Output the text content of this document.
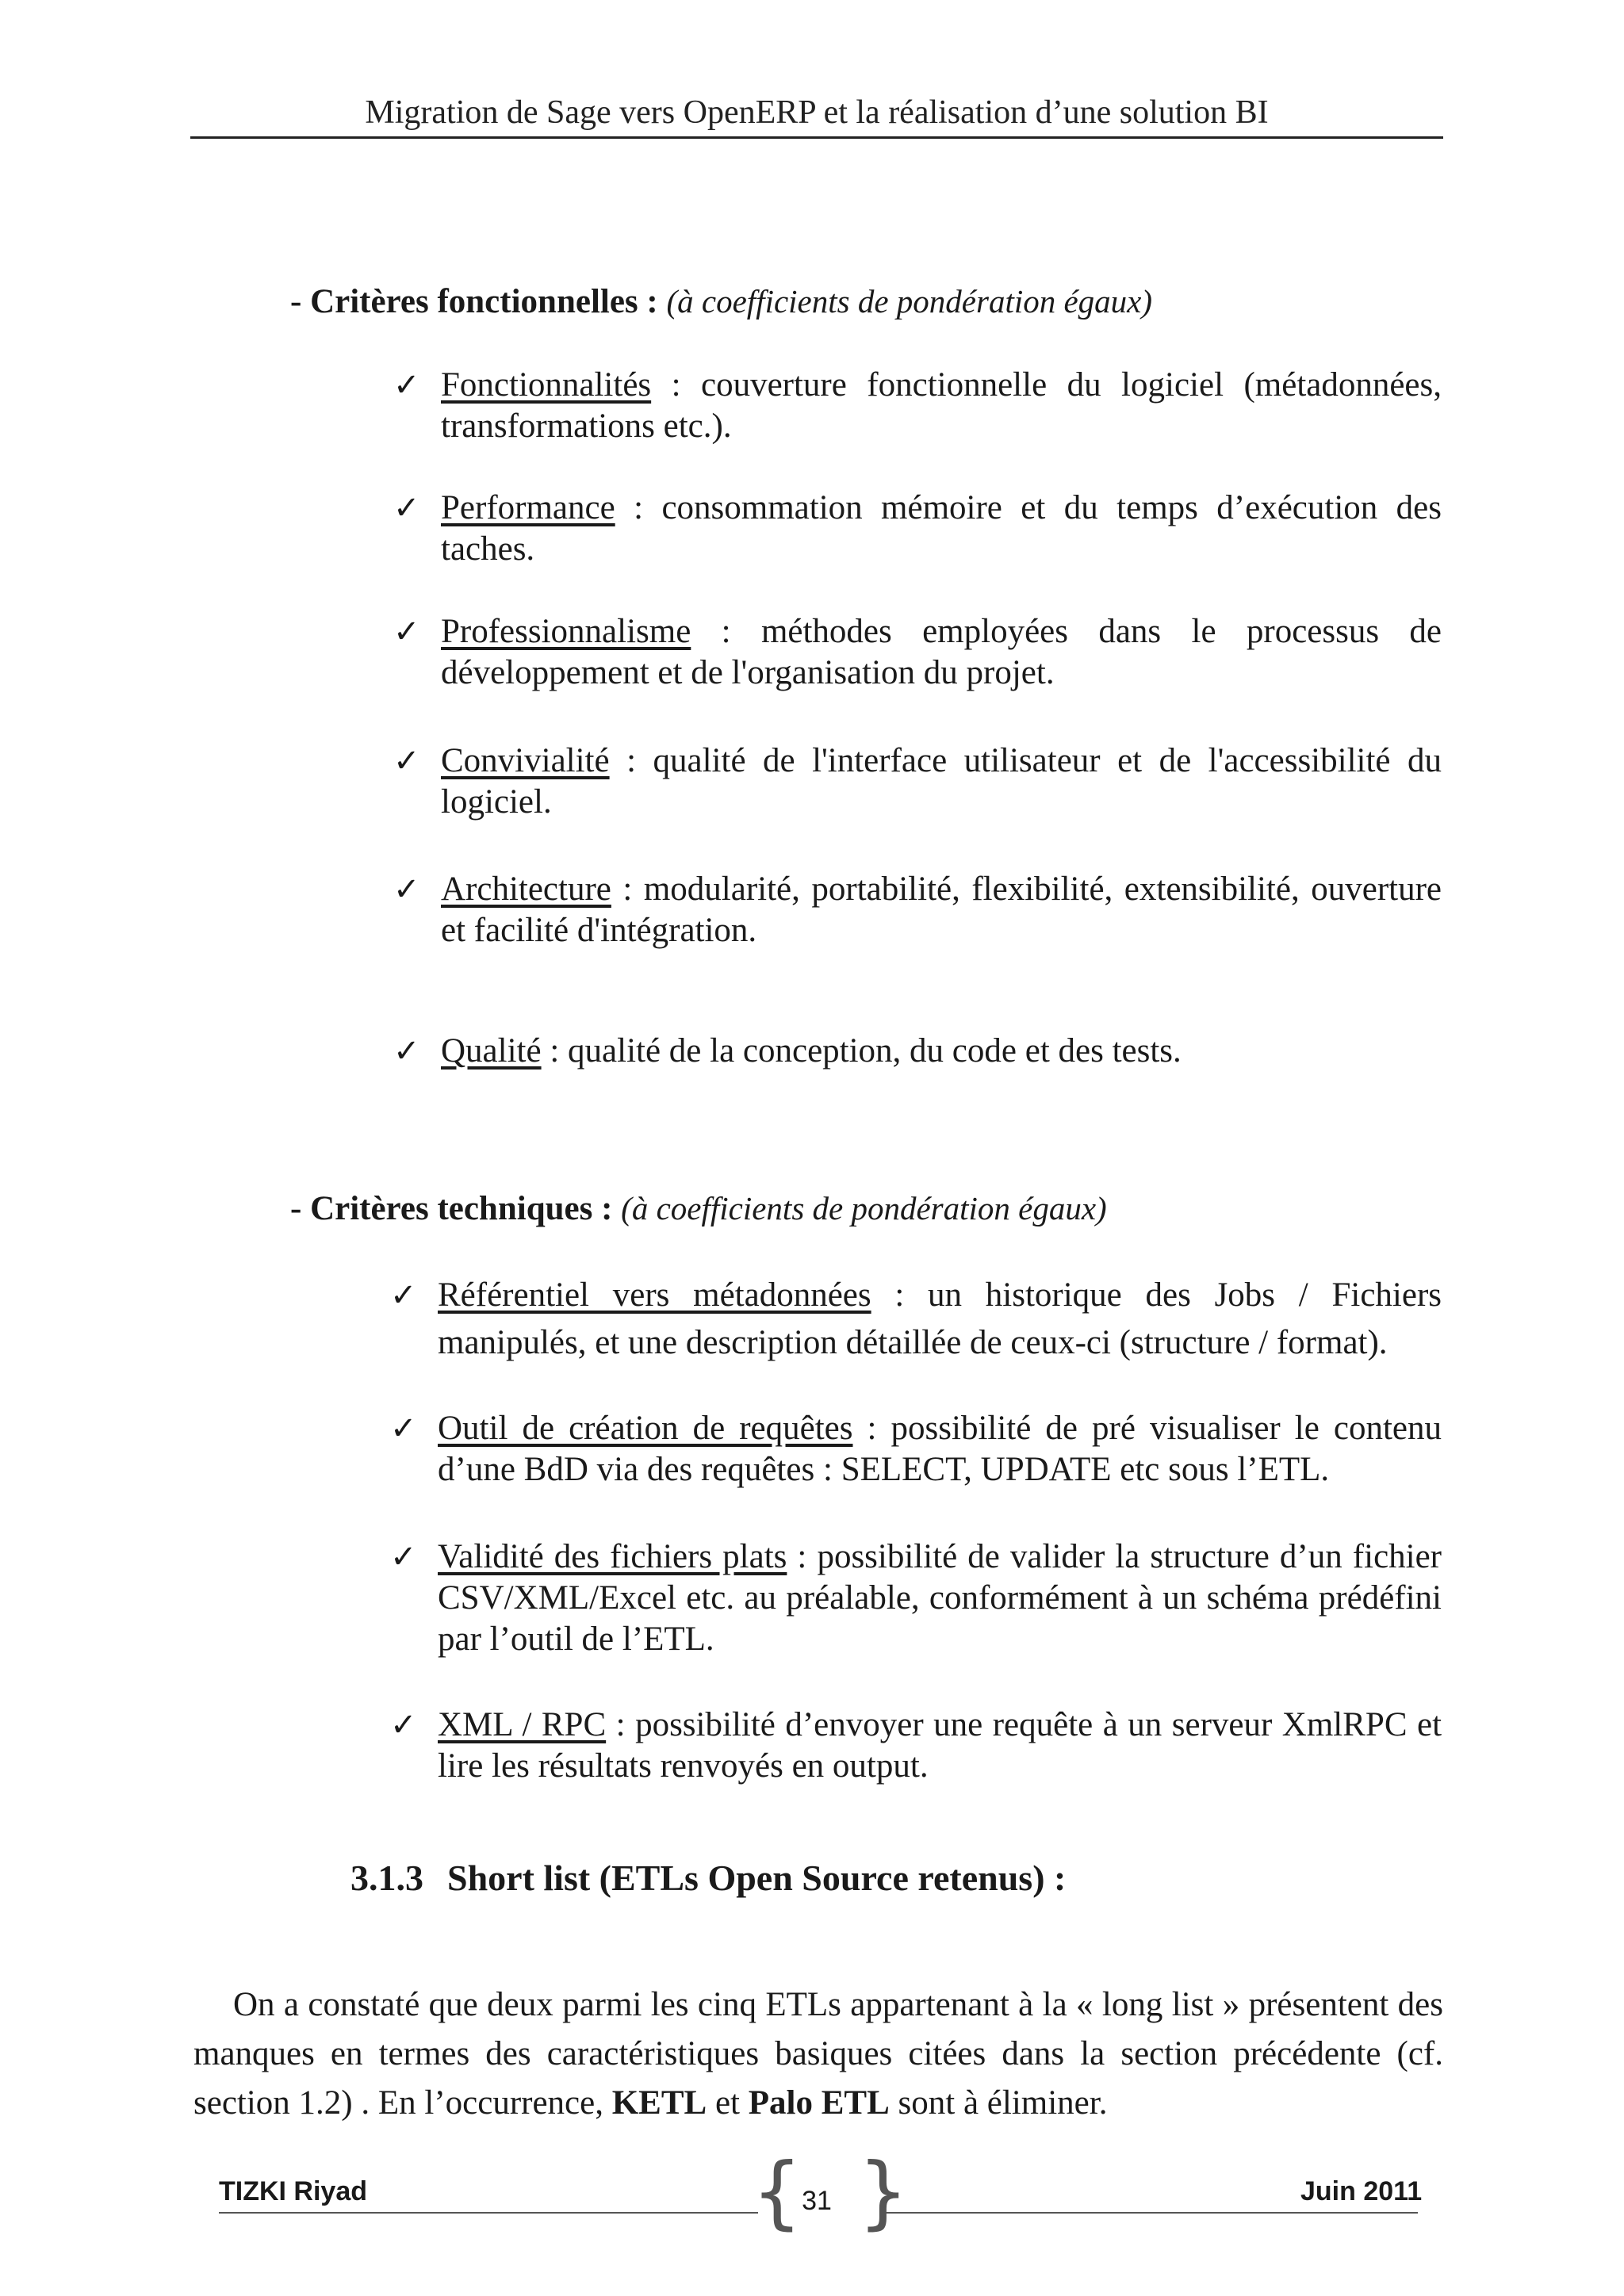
Migration de Sage vers OpenERP et la réalisation d’une solution BI
- Critères fonctionnelles : (à coefficients de pondération égaux)
✓ Fonctionnalités : couverture fonctionnelle du logiciel (métadonnées, transformations etc.).
✓ Performance : consommation mémoire et du temps d’exécution des taches.
✓ Professionnalisme : méthodes employées dans le processus de développement et de l'organisation du projet.
✓ Convivialité : qualité de l'interface utilisateur et de l'accessibilité du logiciel.
✓ Architecture : modularité, portabilité, flexibilité, extensibilité, ouverture et facilité d'intégration.
✓ Qualité : qualité de la conception, du code et des tests.
- Critères techniques : (à coefficients de pondération égaux)
✓ Référentiel vers métadonnées : un historique des Jobs / Fichiers manipulés, et une description détaillée de ceux-ci (structure / format).
✓ Outil de création de requêtes : possibilité de pré visualiser le contenu d’une BdD via des requêtes : SELECT, UPDATE etc sous l’ETL.
✓ Validité des fichiers plats : possibilité de valider la structure d’un fichier CSV/XML/Excel etc. au préalable, conformément à un schéma prédéfini par l’outil de l’ETL.
✓ XML / RPC : possibilité d’envoyer une requête à un serveur XmlRPC et lire les résultats renvoyés en output.
3.1.3 Short list (ETLs Open Source retenus) :
On a constaté que deux parmi les cinq ETLs appartenant à la « long list » présentent des manques en termes des caractéristiques basiques citées dans la section précédente (cf. section 1.2) . En l’occurrence, KETL et Palo ETL sont à éliminer.
TIZKI Riyad	{ 31 }	Juin 2011
